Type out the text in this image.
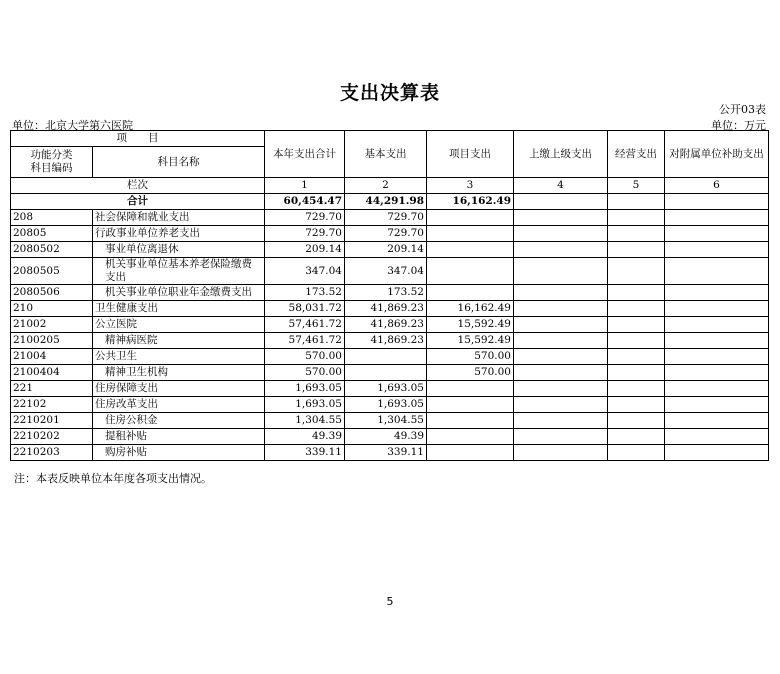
支出决算表
公开03表
单位：北京大学第六医院	单位：万元
项　　目		本年支出合计	基本支出	项目支出	上缴上级支出	经营支出	对附属单位补助支出
功能分类
科目编码	科目名称						

栏次		1	2	3	4	5	6
合计		60,454.47	44,291.98	16,162.49			
208	社会保障和就业支出	729.70	729.70				
20805	行政事业单位养老支出	729.70	729.70				
2080502	事业单位离退休	209.14	209.14				
2080505	机关事业单位基本养老保险缴费支出	347.04	347.04				
2080506	机关事业单位职业年金缴费支出	173.52	173.52				
210	卫生健康支出	58,031.72	41,869.23	16,162.49			
21002	公立医院	57,461.72	41,869.23	15,592.49			
2100205	精神病医院	57,461.72	41,869.23	15,592.49			
21004	公共卫生	570.00		570.00			
2100404	精神卫生机构	570.00		570.00			
221	住房保障支出	1,693.05	1,693.05				
22102	住房改革支出	1,693.05	1,693.05				
2210201	住房公积金	1,304.55	1,304.55				
2210202	提租补贴	49.39	49.39				
2210203	购房补贴	339.11	339.11				
注：本表反映单位本年度各项支出情况。
5
